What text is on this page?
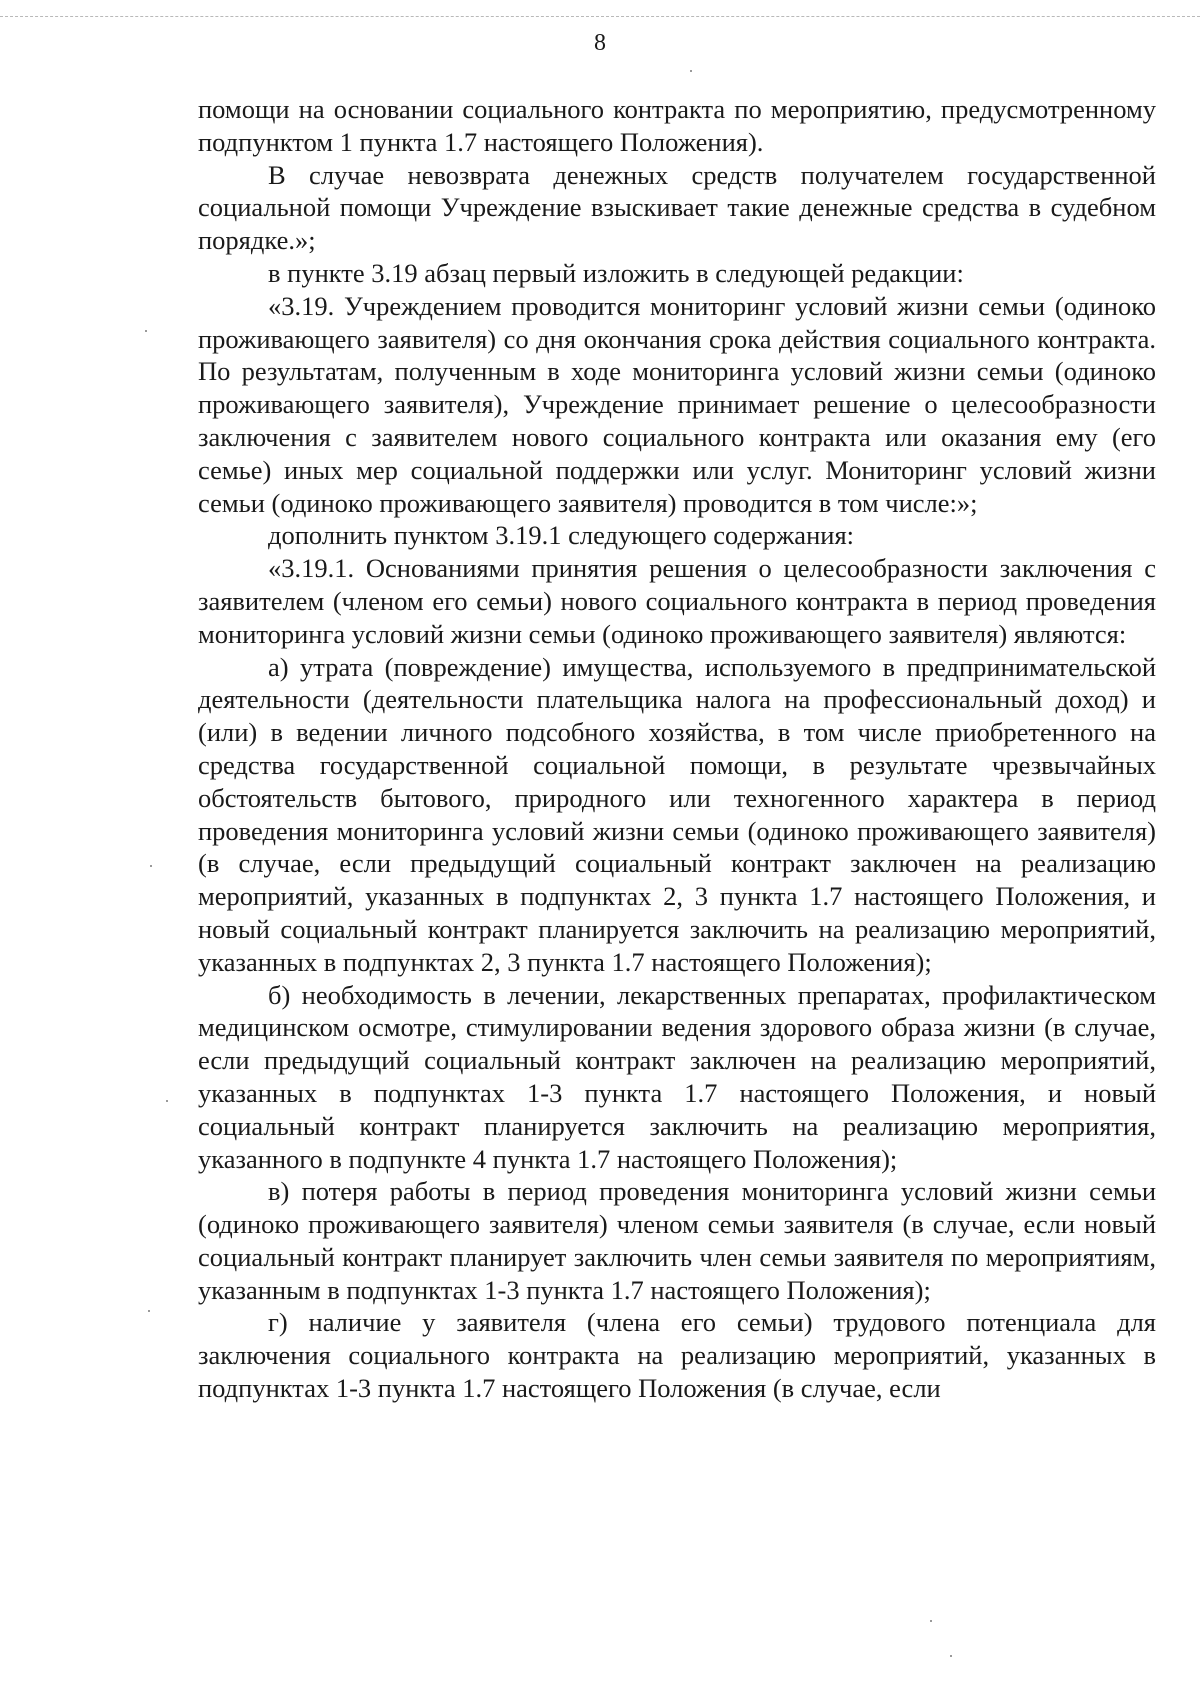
8

помощи на основании социального контракта по мероприятию, предусмотренному подпунктом 1 пункта 1.7 настоящего Положения).

В случае невозврата денежных средств получателем государственной социальной помощи Учреждение взыскивает такие денежные средства в судебном порядке.»;

в пункте 3.19 абзац первый изложить в следующей редакции:

«3.19. Учреждением проводится мониторинг условий жизни семьи (одиноко проживающего заявителя) со дня окончания срока действия социального контракта. По результатам, полученным в ходе мониторинга условий жизни семьи (одиноко проживающего заявителя), Учреждение принимает решение о целесообразности заключения с заявителем нового социального контракта или оказания ему (его семье) иных мер социальной поддержки или услуг. Мониторинг условий жизни семьи (одиноко проживающего заявителя) проводится в том числе:»;

дополнить пунктом 3.19.1 следующего содержания:

«3.19.1. Основаниями принятия решения о целесообразности заключения с заявителем (членом его семьи) нового социального контракта в период проведения мониторинга условий жизни семьи (одиноко проживающего заявителя) являются:

а) утрата (повреждение) имущества, используемого в предпринимательской деятельности (деятельности плательщика налога на профессиональный доход) и (или) в ведении личного подсобного хозяйства, в том числе приобретенного на средства государственной социальной помощи, в результате чрезвычайных обстоятельств бытового, природного или техногенного характера в период проведения мониторинга условий жизни семьи (одиноко проживающего заявителя) (в случае, если предыдущий социальный контракт заключен на реализацию мероприятий, указанных в подпунктах 2, 3 пункта 1.7 настоящего Положения, и новый социальный контракт планируется заключить на реализацию мероприятий, указанных в подпунктах 2, 3 пункта 1.7 настоящего Положения);

б) необходимость в лечении, лекарственных препаратах, профилактическом медицинском осмотре, стимулировании ведения здорового образа жизни (в случае, если предыдущий социальный контракт заключен на реализацию мероприятий, указанных в подпунктах 1-3 пункта 1.7 настоящего Положения, и новый социальный контракт планируется заключить на реализацию мероприятия, указанного в подпункте 4 пункта 1.7 настоящего Положения);

в) потеря работы в период проведения мониторинга условий жизни семьи (одиноко проживающего заявителя) членом семьи заявителя (в случае, если новый социальный контракт планирует заключить член семьи заявителя по мероприятиям, указанным в подпунктах 1-3 пункта 1.7 настоящего Положения);

г) наличие у заявителя (члена его семьи) трудового потенциала для заключения социального контракта на реализацию мероприятий, указанных в подпунктах 1-3 пункта 1.7 настоящего Положения (в случае, если
